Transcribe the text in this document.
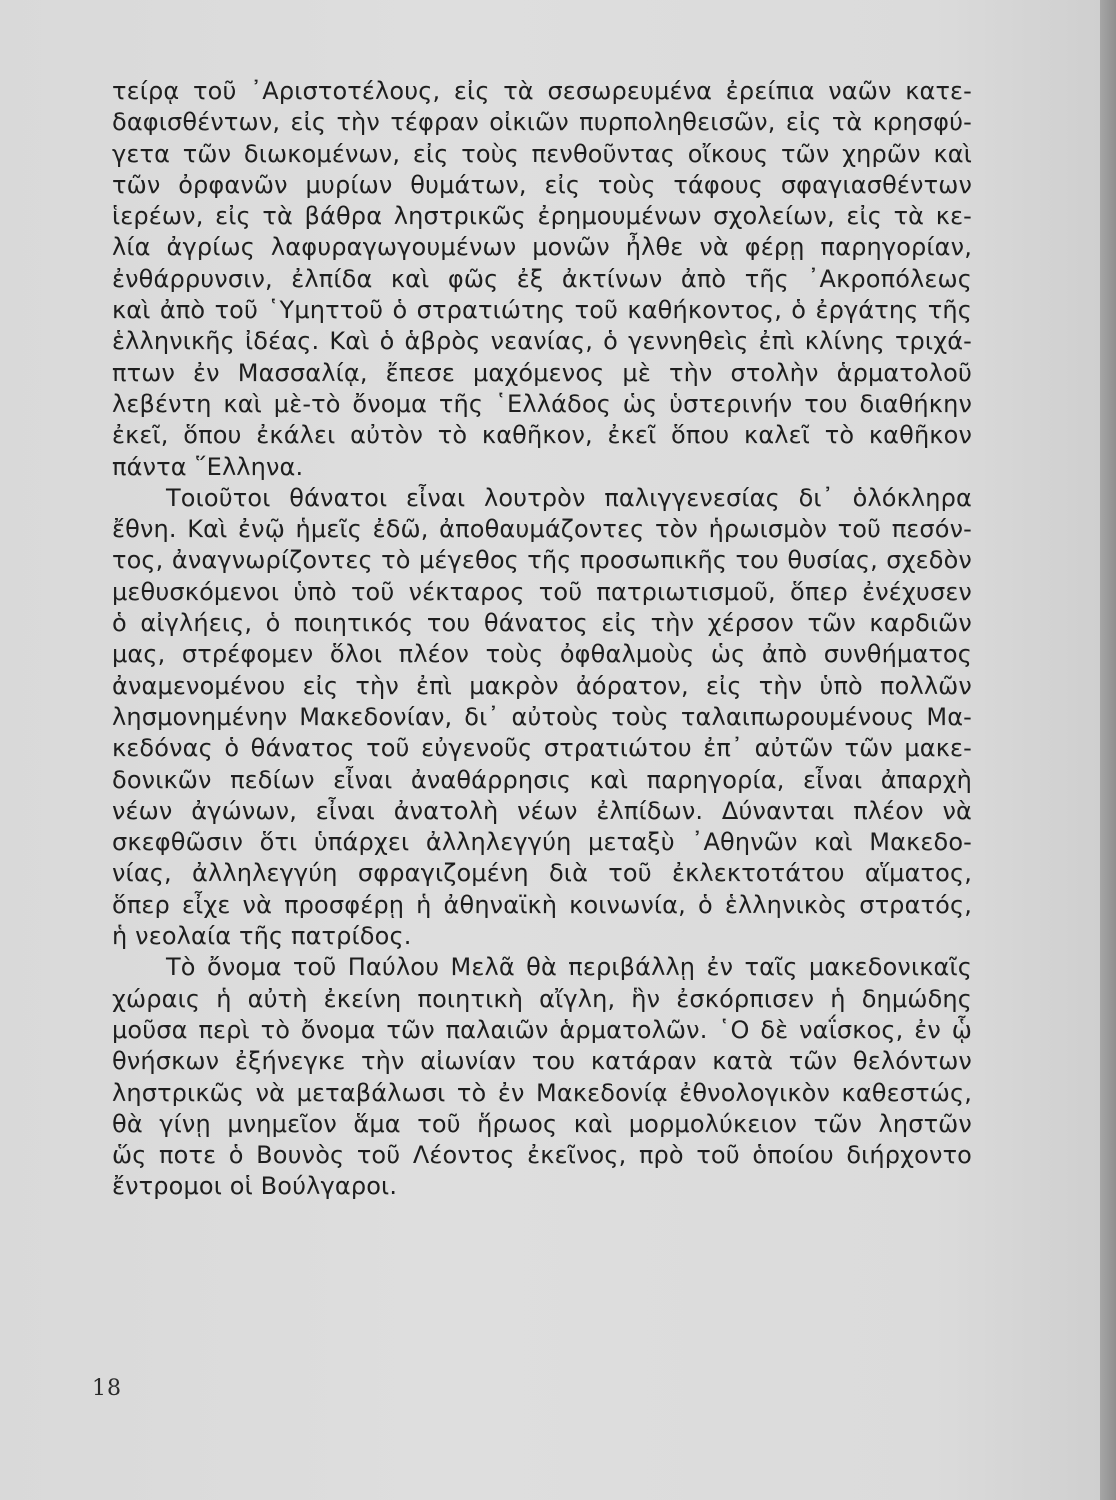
τείρᾳ τοῦ ᾿Αριστοτέλους, εἰς τὰ σεσωρευμένα ἐρείπια ναῶν κατε-
δαφισθέντων, εἰς τὴν τέφραν οἰκιῶν πυρποληθεισῶν, εἰς τὰ κρησφύ-
γετα τῶν διωκομένων, εἰς τοὺς πενθοῦντας οἴκους τῶν χηρῶν καὶ
τῶν ὀρφανῶν μυρίων θυμάτων, εἰς τοὺς τάφους σφαγιασθέντων
ἱερέων, εἰς τὰ βάθρα ληστρικῶς ἐρημουμένων σχολείων, εἰς τὰ κε-
λία ἀγρίως λαφυραγωγουμένων μονῶν ἦλθε νὰ φέρῃ παρηγορίαν,
ἐνθάρρυνσιν, ἐλπίδα καὶ φῶς ἐξ ἀκτίνων ἀπὸ τῆς ᾿Ακροπόλεως
καὶ ἀπὸ τοῦ ῾Υμηττοῦ ὁ στρατιώτης τοῦ καθήκοντος, ὁ ἐργάτης τῆς
ἑλληνικῆς ἰδέας. Καὶ ὁ ἁβρὸς νεανίας, ὁ γεννηθεὶς ἐπὶ κλίνης τριχά-
πτων ἐν Μασσαλίᾳ, ἔπεσε μαχόμενος μὲ τὴν στολὴν ἁρματολοῦ
λεβέντη καὶ μὲ-τὸ ὄνομα τῆς ῾Ελλάδος ὡς ὑστερινήν του διαθήκην
ἐκεῖ, ὅπου ἐκάλει αὐτὸν τὸ καθῆκον, ἐκεῖ ὅπου καλεῖ τὸ καθῆκον
πάντα ῞Ελληνα.
Τοιοῦτοι θάνατοι εἶναι λουτρὸν παλιγγενεσίας δι᾿ ὁλόκληρα
ἔθνη. Καὶ ἐνῷ ἡμεῖς ἐδῶ, ἀποθαυμάζοντες τὸν ἡρωισμὸν τοῦ πεσόν-
τος, ἀναγνωρίζοντες τὸ μέγεθος τῆς προσωπικῆς του θυσίας, σχεδὸν
μεθυσκόμενοι ὑπὸ τοῦ νέκταρος τοῦ πατριωτισμοῦ, ὅπερ ἐνέχυσεν
ὁ αἰγλήεις, ὁ ποιητικός του θάνατος εἰς τὴν χέρσον τῶν καρδιῶν
μας, στρέφομεν ὅλοι πλέον τοὺς ὀφθαλμοὺς ὡς ἀπὸ συνθήματος
ἀναμενομένου εἰς τὴν ἐπὶ μακρὸν ἀόρατον, εἰς τὴν ὑπὸ πολλῶν
λησμονημένην Μακεδονίαν, δι᾿ αὐτοὺς τοὺς ταλαιπωρουμένους Μα-
κεδόνας ὁ θάνατος τοῦ εὐγενοῦς στρατιώτου ἐπ᾿ αὐτῶν τῶν μακε-
δονικῶν πεδίων εἶναι ἀναθάρρησις καὶ παρηγορία, εἶναι ἀπαρχὴ
νέων ἀγώνων, εἶναι ἀνατολὴ νέων ἐλπίδων. Δύνανται πλέον νὰ
σκεφθῶσιν ὅτι ὑπάρχει ἀλληλεγγύη μεταξὺ ᾿Αθηνῶν καὶ Μακεδο-
νίας, ἀλληλεγγύη σφραγιζομένη διὰ τοῦ ἐκλεκτοτάτου αἵματος,
ὅπερ εἶχε νὰ προσφέρῃ ἡ ἀθηναϊκὴ κοινωνία, ὁ ἑλληνικὸς στρατός,
ἡ νεολαία τῆς πατρίδος.
Τὸ ὄνομα τοῦ Παύλου Μελᾶ θὰ περιβάλλῃ ἐν ταῖς μακεδονικαῖς
χώραις ἡ αὐτὴ ἐκείνη ποιητικὴ αἴγλη, ἣν ἐσκόρπισεν ἡ δημώδης
μοῦσα περὶ τὸ ὄνομα τῶν παλαιῶν ἁρματολῶν. ῾Ο δὲ ναΐσκος, ἐν ᾧ
θνήσκων ἐξήνεγκε τὴν αἰωνίαν του κατάραν κατὰ τῶν θελόντων
ληστρικῶς νὰ μεταβάλωσι τὸ ἐν Μακεδονίᾳ ἐθνολογικὸν καθεστώς,
θὰ γίνῃ μνημεῖον ἅμα τοῦ ἥρωος καὶ μορμολύκειον τῶν ληστῶν
ὥς ποτε ὁ Βουνὸς τοῦ Λέοντος ἐκεῖνος, πρὸ τοῦ ὁποίου διήρχοντο
ἔντρομοι οἱ Βούλγαροι.
18
